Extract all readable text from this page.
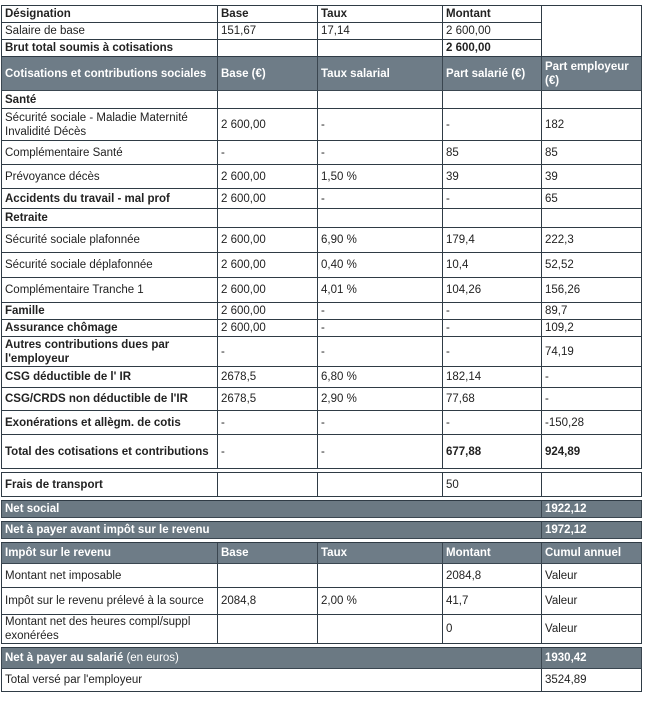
Désignation	Base	Taux	Montant	
Salaire de base	151,67	17,14	2 600,00	
Brut total soumis à cotisations			2 600,00	
Cotisations et contributions sociales	Base (€)	Taux salarial	Part salarié (€)	Part employeur (€)
Santé				
Sécurité sociale - Maladie Maternité Invalidité Décès	2 600,00	-	-	182
Complémentaire Santé	-	-	85	85
Prévoyance décès	2 600,00	1,50 %	39	39
Accidents du travail - mal prof	2 600,00	-	-	65
Retraite				
Sécurité sociale plafonnée	2 600,00	6,90 %	179,4	222,3
Sécurité sociale déplafonnée	2 600,00	0,40 %	10,4	52,52
Complémentaire Tranche 1	2 600,00	4,01 %	104,26	156,26
Famille	2 600,00	-	-	89,7
Assurance chômage	2 600,00	-	-	109,2
Autres contributions dues par l'employeur	-	-	-	74,19
CSG déductible de l' IR	2678,5	6,80 %	182,14	-
CSG/CRDS non déductible de l'IR	2678,5	2,90 %	77,68	-
Exonérations et allègm. de cotis	-	-	-	-150,28
Total des cotisations et contributions	-	-	677,88	924,89

Frais de transport			50	

Net social				1922,12

Net à payer avant impôt sur le revenu				1972,12

Impôt sur le revenu	Base	Taux	Montant	Cumul annuel
Montant net imposable			2084,8	Valeur
Impôt sur le revenu prélevé à la source	2084,8	2,00 %	41,7	Valeur
Montant net des heures compl/suppl exonérées			0	Valeur

Net à payer au salarié (en euros)				1930,42
Total versé par l'employeur				3524,89
